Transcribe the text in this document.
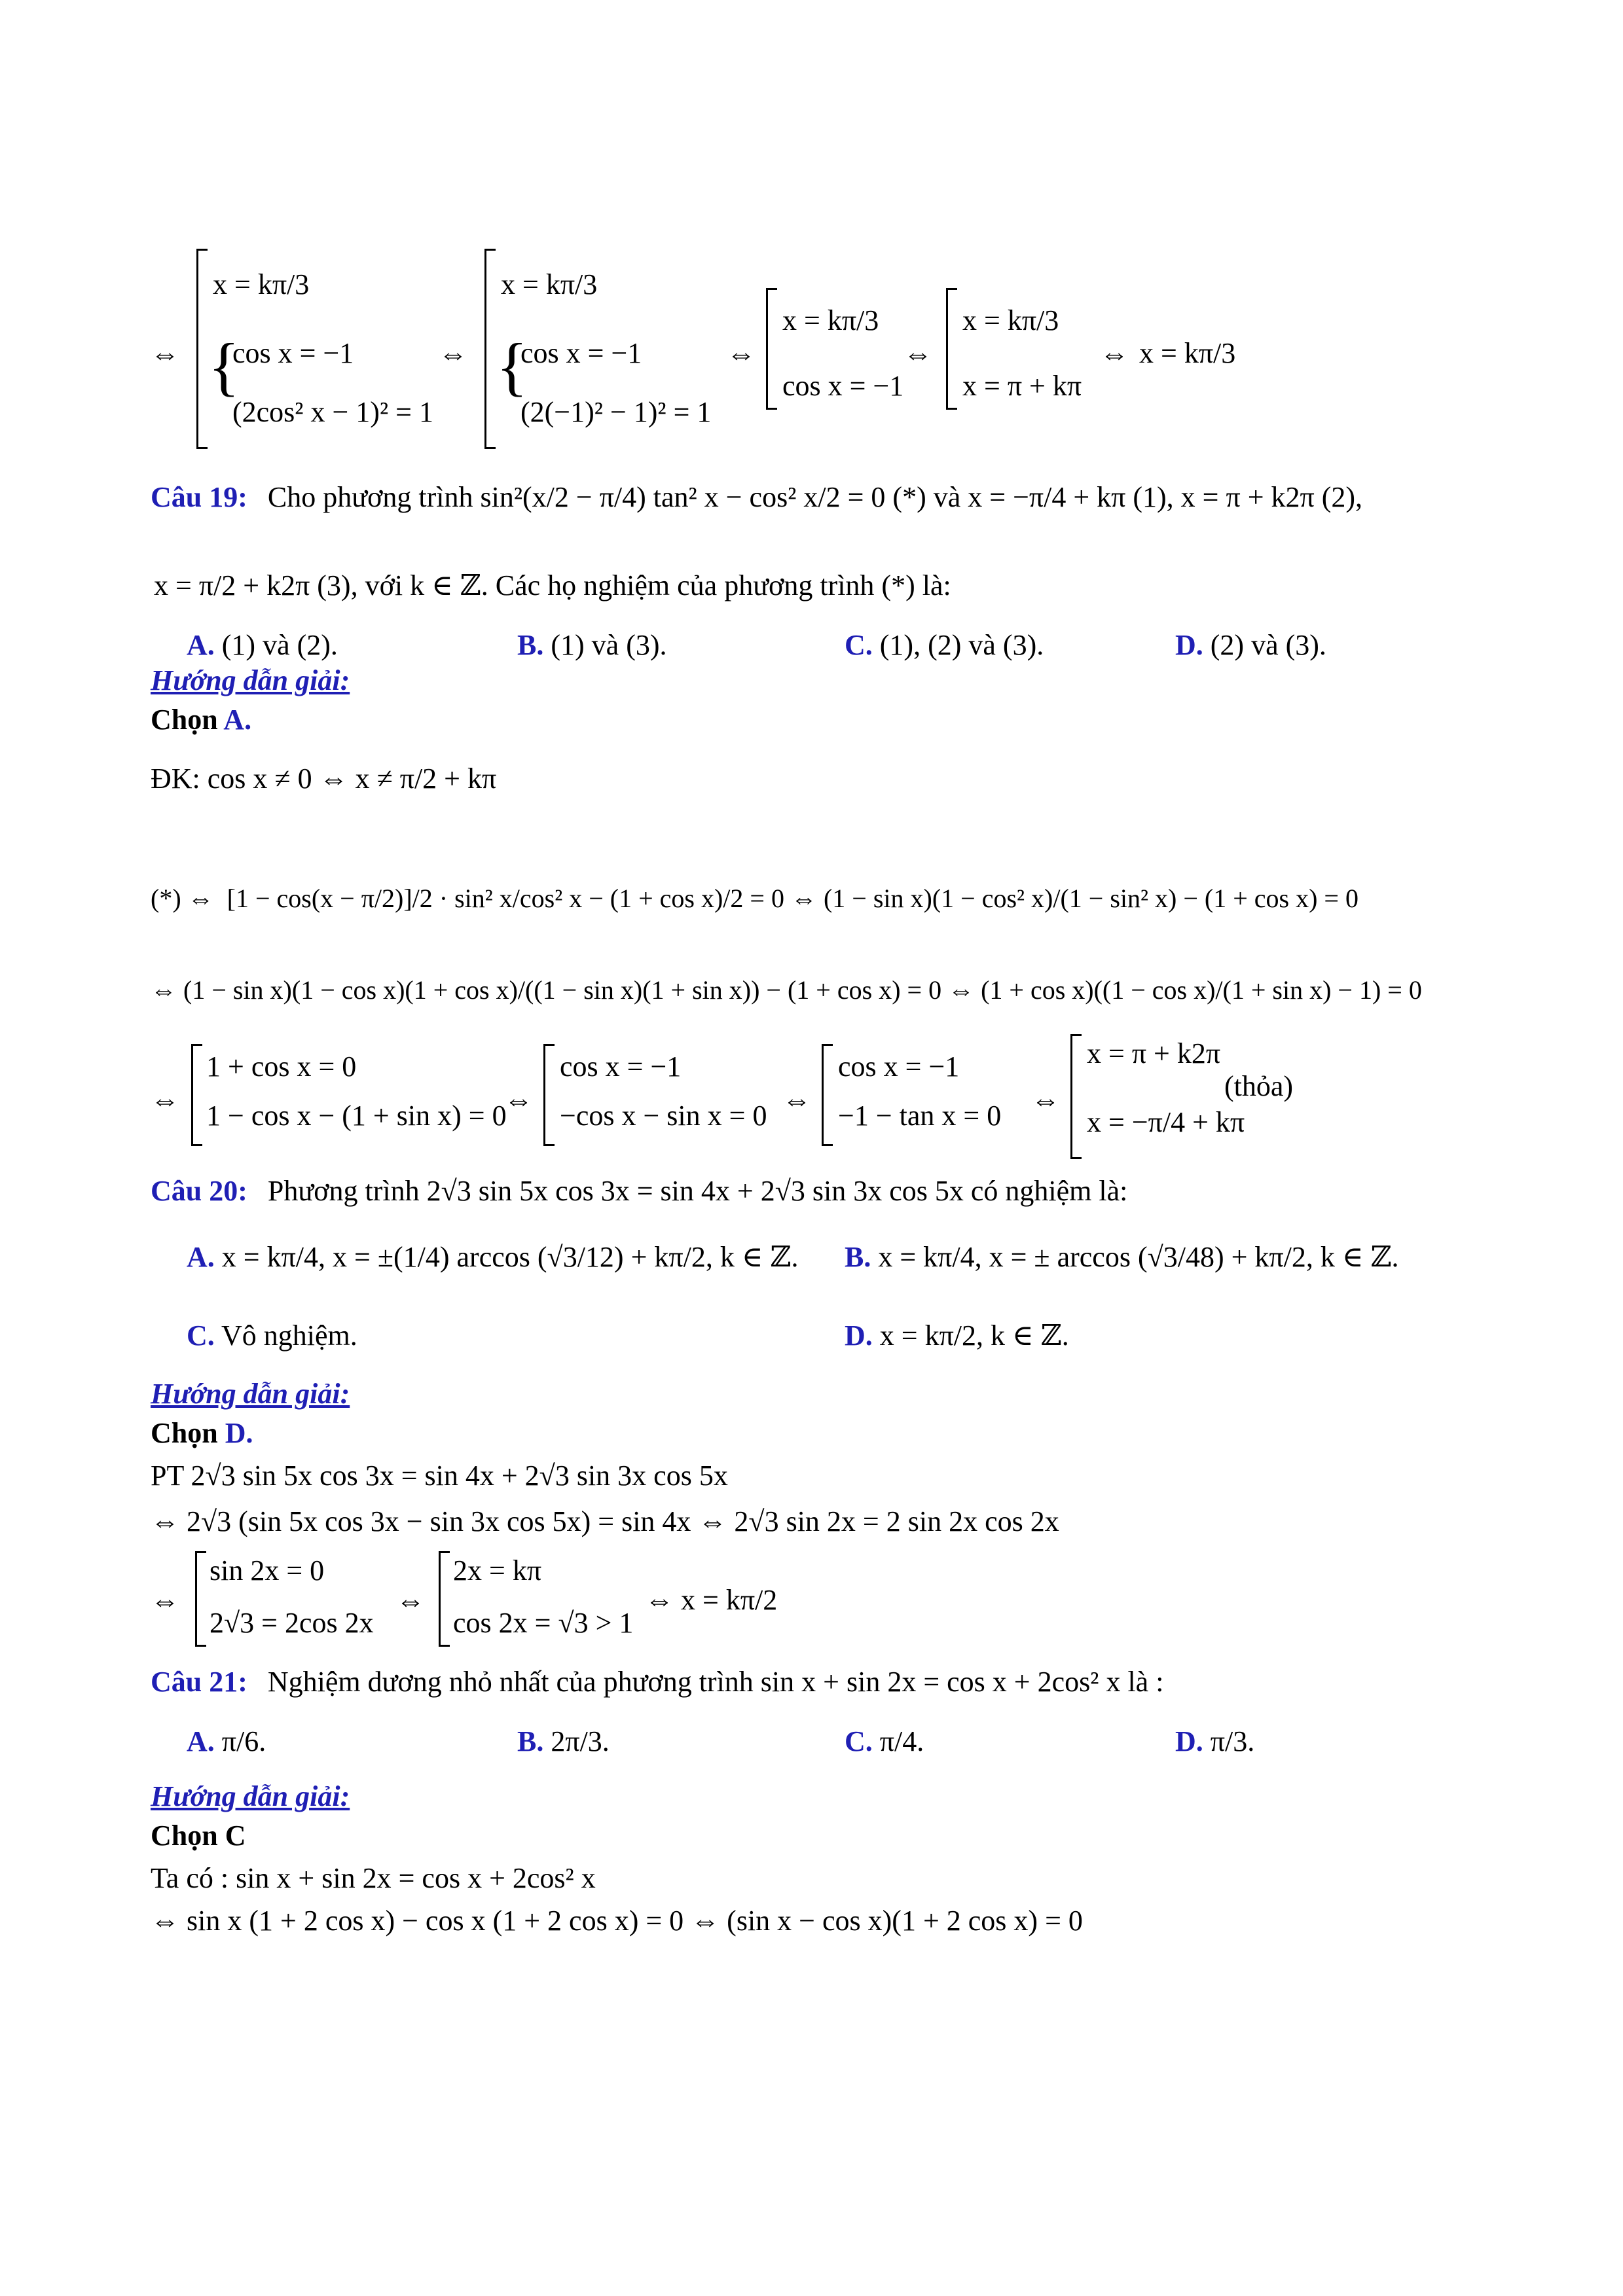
⇔
x = kπ/3
{
cos x = −1
(2cos² x − 1)² = 1
⇔
x = kπ/3
{
cos x = −1
(2(−1)² − 1)² = 1
⇔
x = kπ/3
cos x = −1
⇔
x = kπ/3
x = π + kπ
⇔ x = kπ/3
Câu 19: Cho phương trình sin²(x/2 − π/4) tan² x − cos² x/2 = 0 (*) và x = −π/4 + kπ (1), x = π + k2π (2),
x = π/2 + k2π (3), với k ∈ ℤ. Các họ nghiệm của phương trình (*) là:
A. (1) và (2).	B. (1) và (3).	C. (1), (2) và (3).	D. (2) và (3).
Hướng dẫn giải:
Chọn A.
ĐK: cos x ≠ 0 ⇔ x ≠ π/2 + kπ
(*) ⇔ [1 − cos(x − π/2)]/2 · sin² x/cos² x − (1 + cos x)/2 = 0 ⇔ (1 − sin x)(1 − cos² x)/(1 − sin² x) − (1 + cos x) = 0
⇔ (1 − sin x)(1 − cos x)(1 + cos x)/((1 − sin x)(1 + sin x)) − (1 + cos x) = 0 ⇔ (1 + cos x)((1 − cos x)/(1 + sin x) − 1) = 0
⇔
1 + cos x = 0
1 − cos x − (1 + sin x) = 0
⇔
cos x = −1
−cos x − sin x = 0 ⇔
cos x = −1
−1 − tan x = 0 ⇔
x = π + k2π
x = −π/4 + kπ
(thỏa)
Câu 20: Phương trình 2√3 sin 5x cos 3x = sin 4x + 2√3 sin 3x cos 5x có nghiệm là:
A. x = kπ/4, x = ±(1/4) arccos (√3/12) + kπ/2, k ∈ ℤ. B. x = kπ/4, x = ± arccos (√3/48) + kπ/2, k ∈ ℤ.
C. Vô nghiệm.	D. x = kπ/2, k ∈ ℤ.
Hướng dẫn giải:
Chọn D.
PT 2√3 sin 5x cos 3x = sin 4x + 2√3 sin 3x cos 5x
⇔ 2√3 (sin 5x cos 3x − sin 3x cos 5x) = sin 4x ⇔ 2√3 sin 2x = 2 sin 2x cos 2x
⇔
sin 2x = 0
2√3 = 2cos 2x
⇔
2x = kπ
cos 2x = √3 > 1
⇔ x = kπ/2
Câu 21: Nghiệm dương nhỏ nhất của phương trình sin x + sin 2x = cos x + 2cos² x là :
A. π/6.	B. 2π/3.	C. π/4.	D. π/3.
Hướng dẫn giải:
Chọn C
Ta có : sin x + sin 2x = cos x + 2cos² x
⇔ sin x (1 + 2 cos x) − cos x (1 + 2 cos x) = 0 ⇔ (sin x − cos x)(1 + 2 cos x) = 0
